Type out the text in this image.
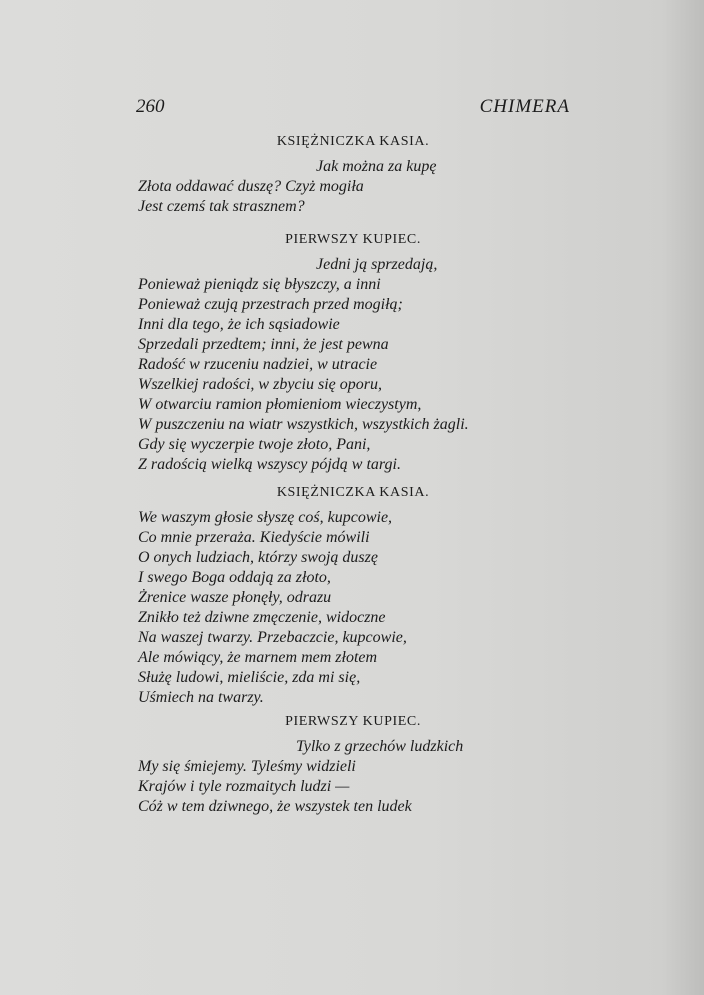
260	CHIMERA
KSIĘŻNICZKA KASIA.
Jak można za kupę
Złota oddawać duszę? Czyż mogiła
Jest czemś tak strasznem?
PIERWSZY KUPIEC.
Jedni ją sprzedają,
Ponieważ pieniądz się błyszczy, a inni
Ponieważ czują przestrach przed mogiłą;
Inni dla tego, że ich sąsiadowie
Sprzedali przedtem; inni, że jest pewna
Radość w rzuceniu nadziei, w utracie
Wszelkiej radości, w zbyciu się oporu,
W otwarciu ramion płomieniom wieczystym,
W puszczeniu na wiatr wszystkich, wszystkich żagli.
Gdy się wyczerpie twoje złoto, Pani,
Z radością wielką wszyscy pójdą w targi.
KSIĘŻNICZKA KASIA.
We waszym głosie słyszę coś, kupcowie,
Co mnie przeraża. Kiedyście mówili
O onych ludziach, którzy swoją duszę
I swego Boga oddają za złoto,
Żrenice wasze płonęły, odrazu
Znikło też dziwne zmęczenie, widoczne
Na waszej twarzy. Przebaczcie, kupcowie,
Ale mówiący, że marnem mem złotem
Służę ludowi, mieliście, zda mi się,
Uśmiech na twarzy.
PIERWSZY KUPIEC.
Tylko z grzechów ludzkich
My się śmiejemy. Tyleśmy widzieli
Krajów i tyle rozmaitych ludzi —
Cóż w tem dziwnego, że wszystek ten ludek
